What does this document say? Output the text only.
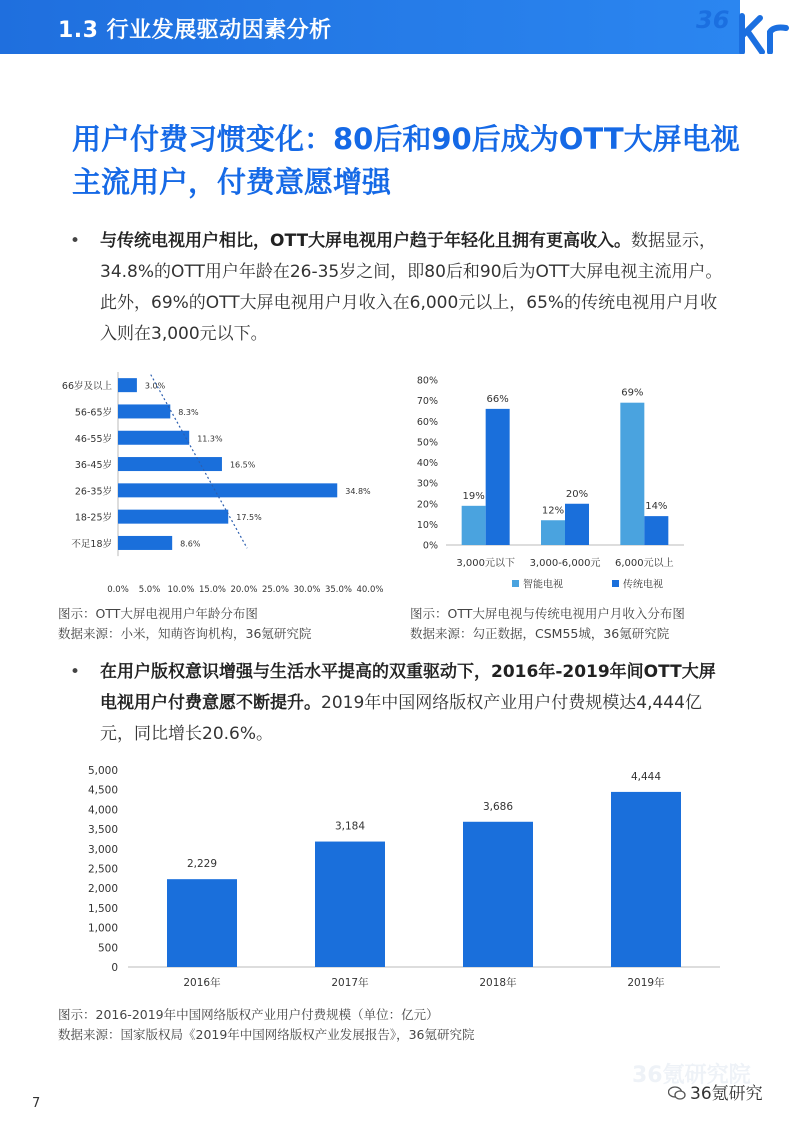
1.3 行业发展驱动因素分析	36
用户付费习惯变化：80后和90后成为OTT大屏电视主流用户，付费意愿增强
• 与传统电视用户相比，OTT大屏电视用户趋于年轻化且拥有更高收入。数据显示，34.8%的OTT用户年龄在26-35岁之间，即80后和90后为OTT大屏电视主流用户。此外，69%的OTT大屏电视用户月收入在6,000元以上，65%的传统电视用户月收入则在3,000元以下。
66岁及以上	3.0%
56-65岁	8.3%
46-55岁	11.3%
36-45岁	16.5%
26-35岁	34.8%
18-25岁	17.5%
不足18岁	8.6%
0.0% 5.0% 10.0% 15.0% 20.0% 25.0% 30.0% 35.0% 40.0%
图示：OTT大屏电视用户年龄分布图
数据来源：小米，知萌咨询机构，36氪研究院
0%
10%
20%
30%
40%
50%
60%
70%
80%
19%
66%
3,000元以下
12%
20%
3,000-6,000元
69%
14%
6,000元以上
智能电视	传统电视
图示：OTT大屏电视与传统电视用户月收入分布图
数据来源：勾正数据，CSM55城，36氪研究院
• 在用户版权意识增强与生活水平提高的双重驱动下，2016年-2019年间OTT大屏电视用户付费意愿不断提升。2019年中国网络版权产业用户付费规模达4,444亿元，同比增长20.6%。
0
500
1,000
1,500
2,000
2,500
3,000
3,500
4,000
4,500
5,000
2,229
2016年
3,184
2017年
3,686
2018年
4,444
2019年
图示：2016-2019年中国网络版权产业用户付费规模（单位：亿元）
数据来源：国家版权局《2019年中国网络版权产业发展报告》，36氪研究院
7
36氪研究院
36氪研究
